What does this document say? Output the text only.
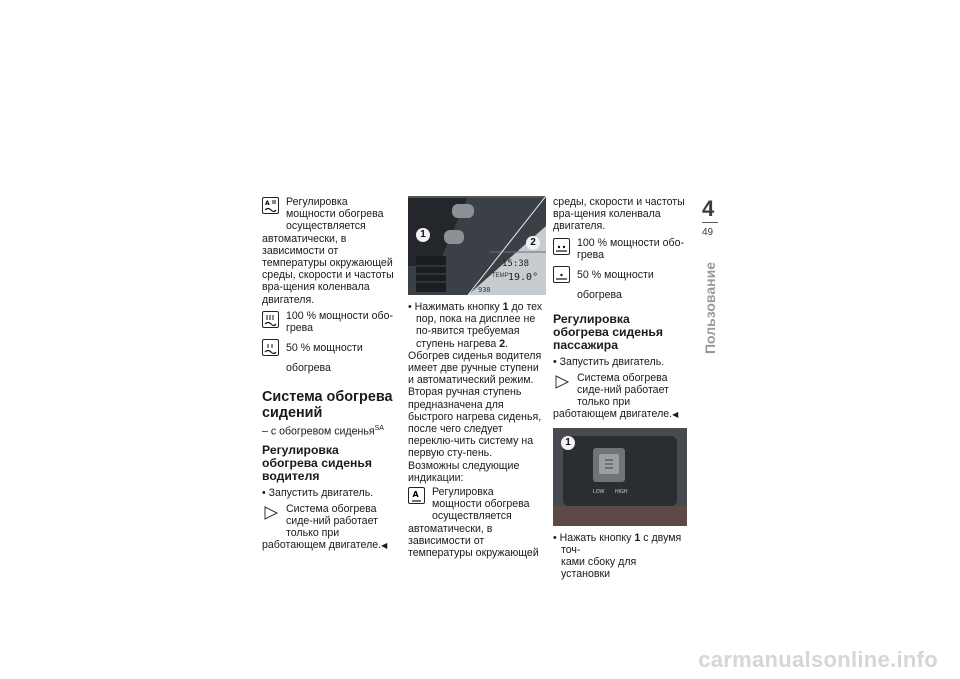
A	Регулировка мощности обогрева осуществляется

автоматически, в зависимости от температуры окружающей среды, скорости и частоты вра-щения коленвала двигателя.

100 % мощности обо-грева
50 % мощности обогрева
Система обогрева сидений

– с обогревом сиденья$^{SA}$

Регулировка обогрева сиденья водителя

• Запустить двигатель.

Система обогрева сиде-ний работает только при

работающем двигателе.◀

1
2
15:38
TEMP 19.0°
930

• Нажимать кнопку 1 до тех

пор, пока на дисплее не по-явится требуемая ступень нагрева 2.

Обогрев сиденья водителя имеет две ручные ступени и автоматический режим. Вторая ручная ступень предназначена для быстрого нагрева сиденья, после чего следует переклю-чить систему на первую сту-пень. Возможны следующие индикации:

A	Регулировка мощности обогрева осуществляется

автоматически, в зависимости от температуры окружающей

среды, скорости и частоты вра-щения коленвала двигателя.

100 % мощности обо-грева
50 % мощности обогрева
Регулировка обогрева сиденья пассажира

• Запустить двигатель.

Система обогрева сиде-ний работает только при

работающем двигателе.◀

1
LOW HIGH

• Нажать кнопку 1 с двумя точ-

ками сбоку для установки

4
49
Пользование
carmanualsonline.info
